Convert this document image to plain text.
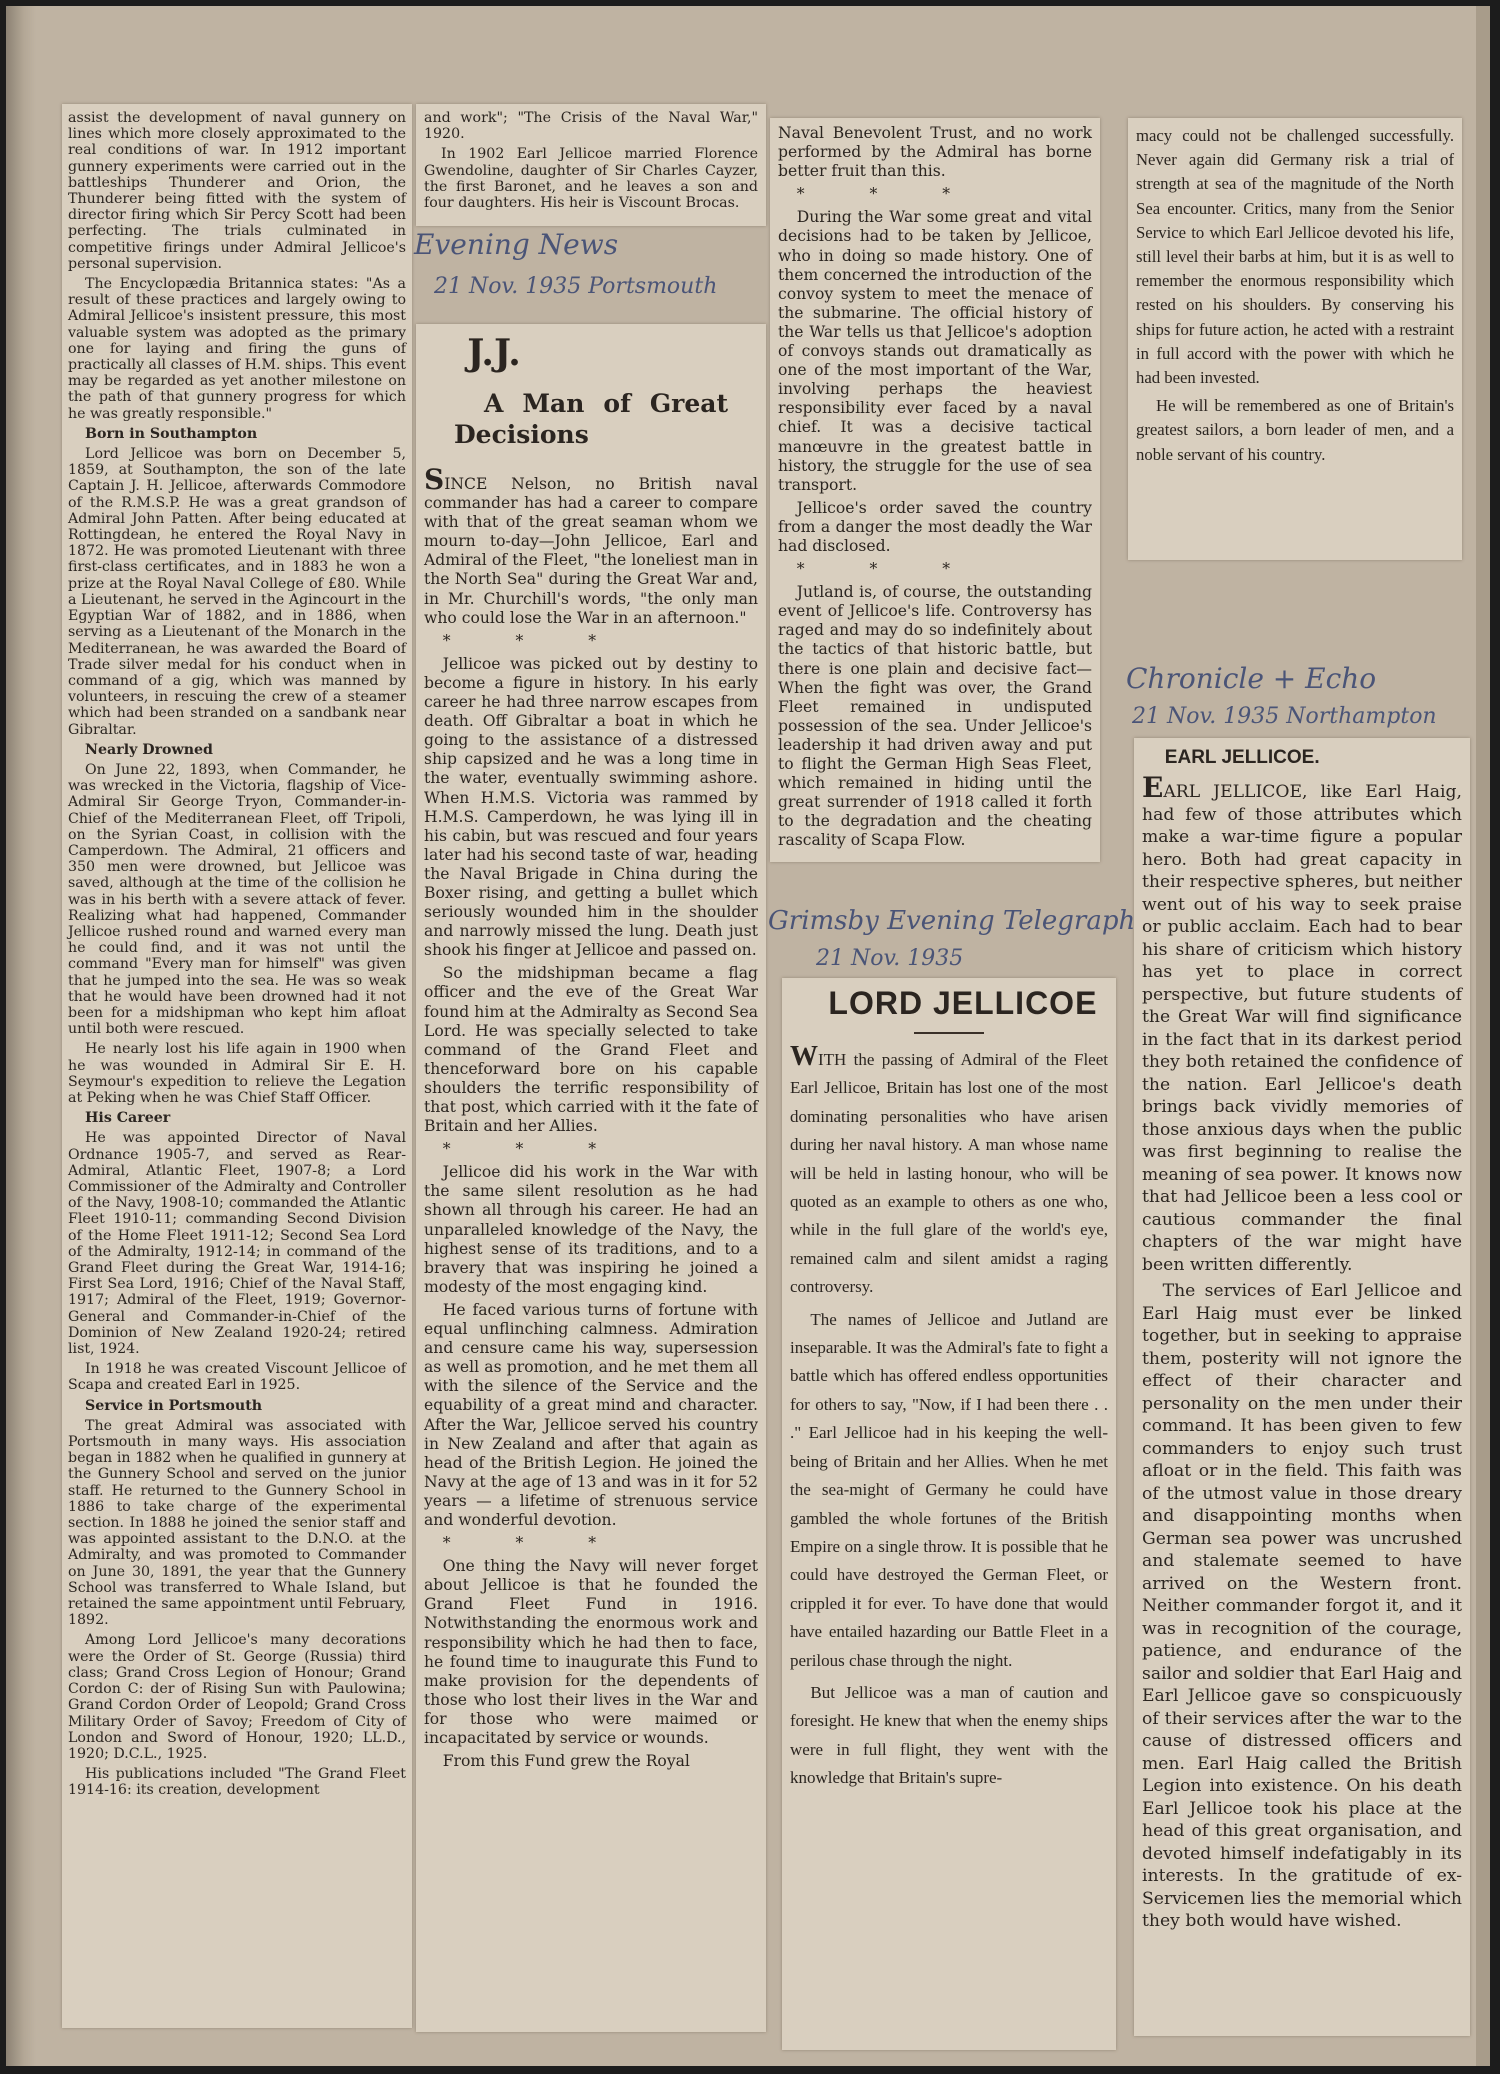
assist the development of naval gunnery on lines which more closely approximated to the real conditions of war. In 1912 important gunnery experiments were carried out in the battleships Thunderer and Orion, the Thunderer being fitted with the system of director firing which Sir Percy Scott had been perfecting. The trials culminated in competitive firings under Admiral Jellicoe's personal supervision.

The Encyclopædia Britannica states: "As a result of these practices and largely owing to Admiral Jellicoe's insistent pressure, this most valuable system was adopted as the primary one for laying and firing the guns of practically all classes of H.M. ships. This event may be regarded as yet another milestone on the path of that gunnery progress for which he was greatly responsible."

Born in Southampton

Lord Jellicoe was born on December 5, 1859, at Southampton, the son of the late Captain J. H. Jellicoe, afterwards Commodore of the R.M.S.P. He was a great grandson of Admiral John Patten. After being educated at Rottingdean, he entered the Royal Navy in 1872. He was promoted Lieutenant with three first-class certificates, and in 1883 he won a prize at the Royal Naval College of £80. While a Lieutenant, he served in the Agincourt in the Egyptian War of 1882, and in 1886, when serving as a Lieutenant of the Monarch in the Mediterranean, he was awarded the Board of Trade silver medal for his conduct when in command of a gig, which was manned by volunteers, in rescuing the crew of a steamer which had been stranded on a sandbank near Gibraltar.

Nearly Drowned

On June 22, 1893, when Commander, he was wrecked in the Victoria, flagship of Vice-Admiral Sir George Tryon, Commander-in-Chief of the Mediterranean Fleet, off Tripoli, on the Syrian Coast, in collision with the Camperdown. The Admiral, 21 officers and 350 men were drowned, but Jellicoe was saved, although at the time of the collision he was in his berth with a severe attack of fever. Realizing what had happened, Commander Jellicoe rushed round and warned every man he could find, and it was not until the command "Every man for himself" was given that he jumped into the sea. He was so weak that he would have been drowned had it not been for a midshipman who kept him afloat until both were rescued.

He nearly lost his life again in 1900 when he was wounded in Admiral Sir E. H. Seymour's expedition to relieve the Legation at Peking when he was Chief Staff Officer.

His Career

He was appointed Director of Naval Ordnance 1905-7, and served as Rear-Admiral, Atlantic Fleet, 1907-8; a Lord Commissioner of the Admiralty and Controller of the Navy, 1908-10; commanded the Atlantic Fleet 1910-11; commanding Second Division of the Home Fleet 1911-12; Second Sea Lord of the Admiralty, 1912-14; in command of the Grand Fleet during the Great War, 1914-16; First Sea Lord, 1916; Chief of the Naval Staff, 1917; Admiral of the Fleet, 1919; Governor-General and Commander-in-Chief of the Dominion of New Zealand 1920-24; retired list, 1924.

In 1918 he was created Viscount Jellicoe of Scapa and created Earl in 1925.

Service in Portsmouth

The great Admiral was associated with Portsmouth in many ways. His association began in 1882 when he qualified in gunnery at the Gunnery School and served on the junior staff. He returned to the Gunnery School in 1886 to take charge of the experimental section. In 1888 he joined the senior staff and was appointed assistant to the D.N.O. at the Admiralty, and was promoted to Commander on June 30, 1891, the year that the Gunnery School was transferred to Whale Island, but retained the same appointment until February, 1892.

Among Lord Jellicoe's many decorations were the Order of St. George (Russia) third class; Grand Cross Legion of Honour; Grand Cordon C: der of Rising Sun with Paulowina; Grand Cordon Order of Leopold; Grand Cross Military Order of Savoy; Freedom of City of London and Sword of Honour, 1920; LL.D., 1920; D.C.L., 1925.

His publications included "The Grand Fleet 1914-16: its creation, development

and work"; "The Crisis of the Naval War," 1920.

In 1902 Earl Jellicoe married Florence Gwendoline, daughter of Sir Charles Cayzer, the first Baronet, and he leaves a son and four daughters. His heir is Viscount Brocas.

J.J.

A Man of Great Decisions

SINCE Nelson, no British naval commander has had a career to compare with that of the great seaman whom we mourn to-day—John Jellicoe, Earl and Admiral of the Fleet, "the loneliest man in the North Sea" during the Great War and, in Mr. Churchill's words, "the only man who could lose the War in an afternoon."

* * *

Jellicoe was picked out by destiny to become a figure in history. In his early career he had three narrow escapes from death. Off Gibraltar a boat in which he going to the assistance of a distressed ship capsized and he was a long time in the water, eventually swimming ashore. When H.M.S. Victoria was rammed by H.M.S. Camperdown, he was lying ill in his cabin, but was rescued and four years later had his second taste of war, heading the Naval Brigade in China during the Boxer rising, and getting a bullet which seriously wounded him in the shoulder and narrowly missed the lung. Death just shook his finger at Jellicoe and passed on.

So the midshipman became a flag officer and the eve of the Great War found him at the Admiralty as Second Sea Lord. He was specially selected to take command of the Grand Fleet and thenceforward bore on his capable shoulders the terrific responsibility of that post, which carried with it the fate of Britain and her Allies.

* * *

Jellicoe did his work in the War with the same silent resolution as he had shown all through his career. He had an unparalleled knowledge of the Navy, the highest sense of its traditions, and to a bravery that was inspiring he joined a modesty of the most engaging kind.

He faced various turns of fortune with equal unflinching calmness. Admiration and censure came his way, supersession as well as promotion, and he met them all with the silence of the Service and the equability of a great mind and character. After the War, Jellicoe served his country in New Zealand and after that again as head of the British Legion. He joined the Navy at the age of 13 and was in it for 52 years — a lifetime of strenuous service and wonderful devotion.

* * *

One thing the Navy will never forget about Jellicoe is that he founded the Grand Fleet Fund in 1916. Notwithstanding the enormous work and responsibility which he had then to face, he found time to inaugurate this Fund to make provision for the dependents of those who lost their lives in the War and for those who were maimed or incapacitated by service or wounds.

From this Fund grew the Royal

Naval Benevolent Trust, and no work performed by the Admiral has borne better fruit than this.

* * *

During the War some great and vital decisions had to be taken by Jellicoe, who in doing so made history. One of them concerned the introduction of the convoy system to meet the menace of the submarine. The official history of the War tells us that Jellicoe's adoption of convoys stands out dramatically as one of the most important of the War, involving perhaps the heaviest responsibility ever faced by a naval chief. It was a decisive tactical manœuvre in the greatest battle in history, the struggle for the use of sea transport.

Jellicoe's order saved the country from a danger the most deadly the War had disclosed.

* * *

Jutland is, of course, the outstanding event of Jellicoe's life. Controversy has raged and may do so indefinitely about the tactics of that historic battle, but there is one plain and decisive fact—When the fight was over, the Grand Fleet remained in undisputed possession of the sea. Under Jellicoe's leadership it had driven away and put to flight the German High Seas Fleet, which remained in hiding until the great surrender of 1918 called it forth to the degradation and the cheating rascality of Scapa Flow.

LORD JELLICOE

WITH the passing of Admiral of the Fleet Earl Jellicoe, Britain has lost one of the most dominating personalities who have arisen during her naval history. A man whose name will be held in lasting honour, who will be quoted as an example to others as one who, while in the full glare of the world's eye, remained calm and silent amidst a raging controversy.

The names of Jellicoe and Jutland are inseparable. It was the Admiral's fate to fight a battle which has offered endless opportunities for others to say, "Now, if I had been there . . ." Earl Jellicoe had in his keeping the well-being of Britain and her Allies. When he met the sea-might of Germany he could have gambled the whole fortunes of the British Empire on a single throw. It is possible that he could have destroyed the German Fleet, or crippled it for ever. To have done that would have entailed hazarding our Battle Fleet in a perilous chase through the night.

But Jellicoe was a man of caution and foresight. He knew that when the enemy ships were in full flight, they went with the knowledge that Britain's supre-

macy could not be challenged successfully. Never again did Germany risk a trial of strength at sea of the magnitude of the North Sea encounter. Critics, many from the Senior Service to which Earl Jellicoe devoted his life, still level their barbs at him, but it is as well to remember the enormous responsibility which rested on his shoulders. By conserving his ships for future action, he acted with a restraint in full accord with the power with which he had been invested.

He will be remembered as one of Britain's greatest sailors, a born leader of men, and a noble servant of his country.

EARL JELLICOE.

EARL JELLICOE, like Earl Haig, had few of those attributes which make a war-time figure a popular hero. Both had great capacity in their respective spheres, but neither went out of his way to seek praise or public acclaim. Each had to bear his share of criticism which history has yet to place in correct perspective, but future students of the Great War will find significance in the fact that in its darkest period they both retained the confidence of the nation. Earl Jellicoe's death brings back vividly memories of those anxious days when the public was first beginning to realise the meaning of sea power. It knows now that had Jellicoe been a less cool or cautious commander the final chapters of the war might have been written differently.

The services of Earl Jellicoe and Earl Haig must ever be linked together, but in seeking to appraise them, posterity will not ignore the effect of their character and personality on the men under their command. It has been given to few commanders to enjoy such trust afloat or in the field. This faith was of the utmost value in those dreary and disappointing months when German sea power was uncrushed and stalemate seemed to have arrived on the Western front. Neither commander forgot it, and it was in recognition of the courage, patience, and endurance of the sailor and soldier that Earl Haig and Earl Jellicoe gave so conspicuously of their services after the war to the cause of distressed officers and men. Earl Haig called the British Legion into existence. On his death Earl Jellicoe took his place at the head of this great organisation, and devoted himself indefatigably in its interests. In the gratitude of ex-Servicemen lies the memorial which they both would have wished.

Evening News
21 Nov. 1935 Portsmouth
Chronicle + Echo
21 Nov. 1935 Northampton
Grimsby Evening Telegraph
21 Nov. 1935
